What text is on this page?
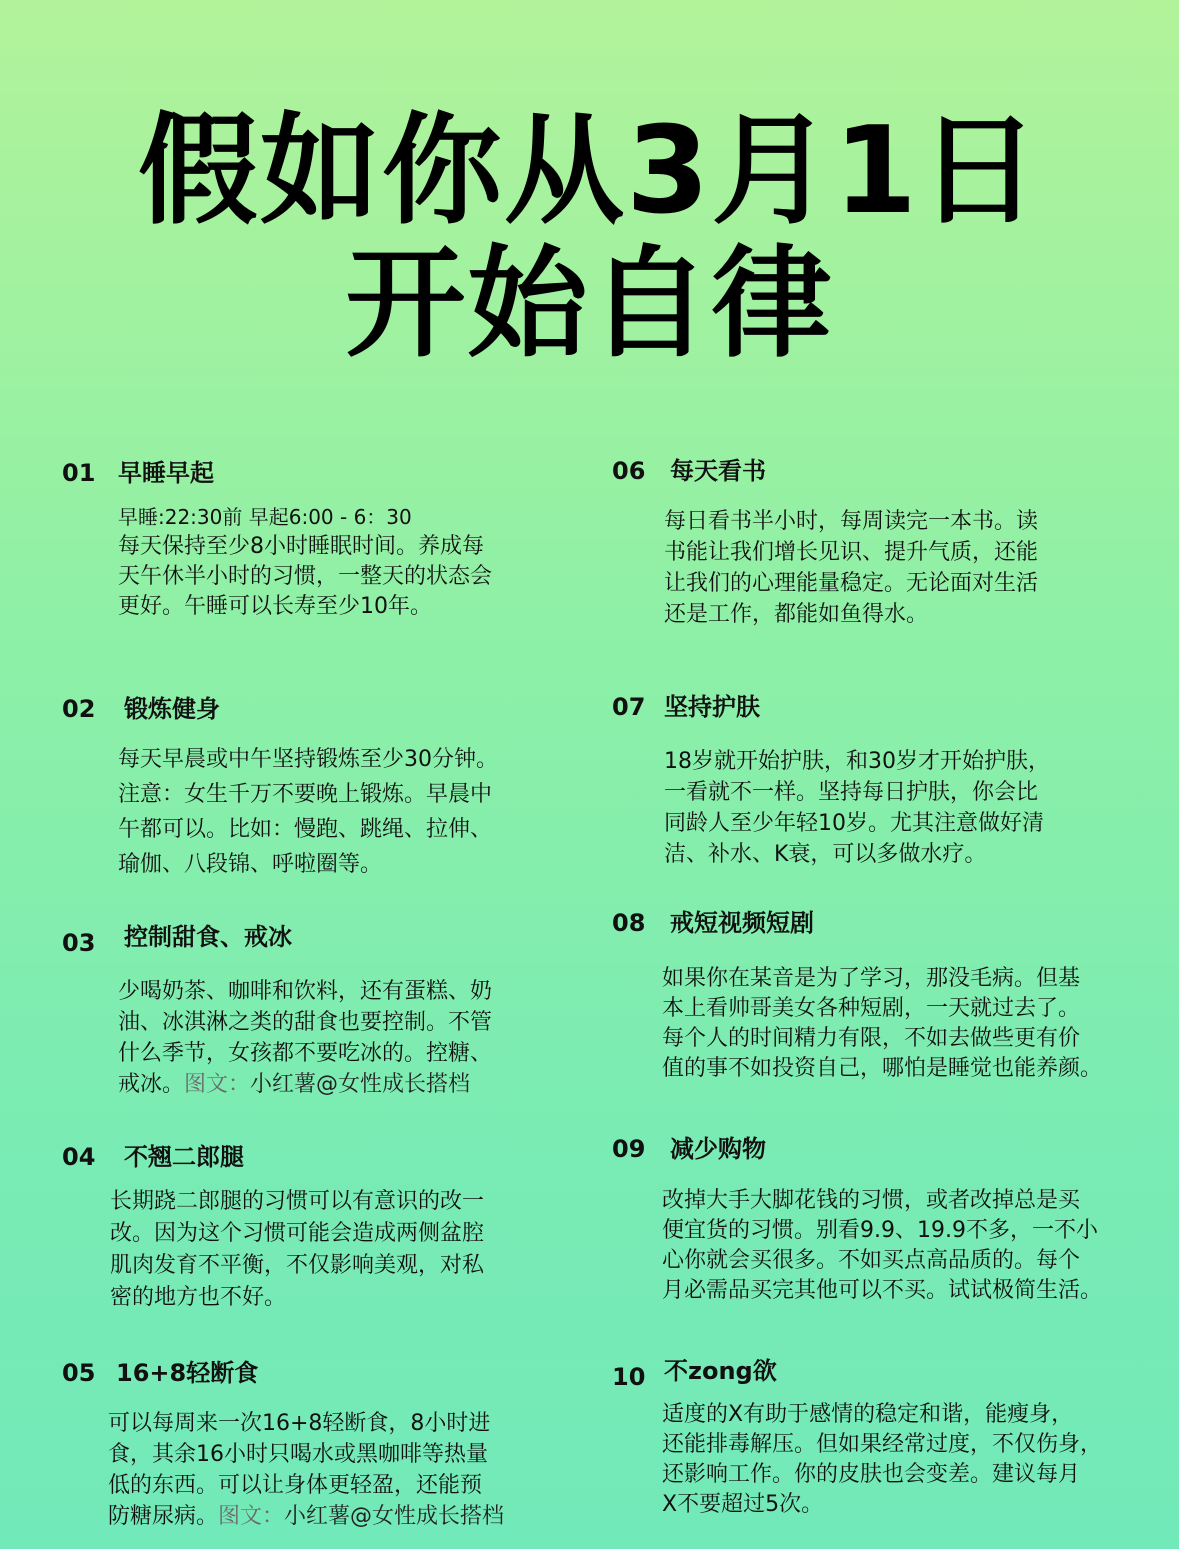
假如你从3月1日
开始自律
01 早睡早起
早睡:22:30前 早起6:00 - 6：30
每天保持至少8小时睡眠时间。养成每
天午休半小时的习惯，一整天的状态会
更好。午睡可以长寿至少10年。
02 锻炼健身
每天早晨或中午坚持锻炼至少30分钟。
注意：女生千万不要晚上锻炼。早晨中
午都可以。比如：慢跑、跳绳、拉伸、
瑜伽、八段锦、呼啦圈等。
03 控制甜食、戒冰
少喝奶茶、咖啡和饮料，还有蛋糕、奶
油、冰淇淋之类的甜食也要控制。不管
什么季节，女孩都不要吃冰的。控糖、
戒冰。图文：小红薯@女性成长搭档
04 不翘二郎腿
长期跷二郎腿的习惯可以有意识的改一
改。因为这个习惯可能会造成两侧盆腔
肌肉发育不平衡，不仅影响美观，对私
密的地方也不好。
05 16+8轻断食
可以每周来一次16+8轻断食，8小时进
食，其余16小时只喝水或黑咖啡等热量
低的东西。可以让身体更轻盈，还能预
防糖尿病。图文：小红薯@女性成长搭档
06 每天看书
每日看书半小时，每周读完一本书。读
书能让我们增长见识、提升气质，还能
让我们的心理能量稳定。无论面对生活
还是工作，都能如鱼得水。
07 坚持护肤
18岁就开始护肤，和30岁才开始护肤，
一看就不一样。坚持每日护肤，你会比
同龄人至少年轻10岁。尤其注意做好清
洁、补水、K衰，可以多做水疗。
08 戒短视频短剧
如果你在某音是为了学习，那没毛病。但基
本上看帅哥美女各种短剧，一天就过去了。
每个人的时间精力有限，不如去做些更有价
值的事不如投资自己，哪怕是睡觉也能养颜。
09 减少购物
改掉大手大脚花钱的习惯，或者改掉总是买
便宜货的习惯。别看9.9、19.9不多，一不小
心你就会买很多。不如买点高品质的。每个
月必需品买完其他可以不买。试试极简生活。
10 不zong欲
适度的X有助于感情的稳定和谐，能瘦身，
还能排毒解压。但如果经常过度，不仅伤身，
还影响工作。你的皮肤也会变差。建议每月
X不要超过5次。
